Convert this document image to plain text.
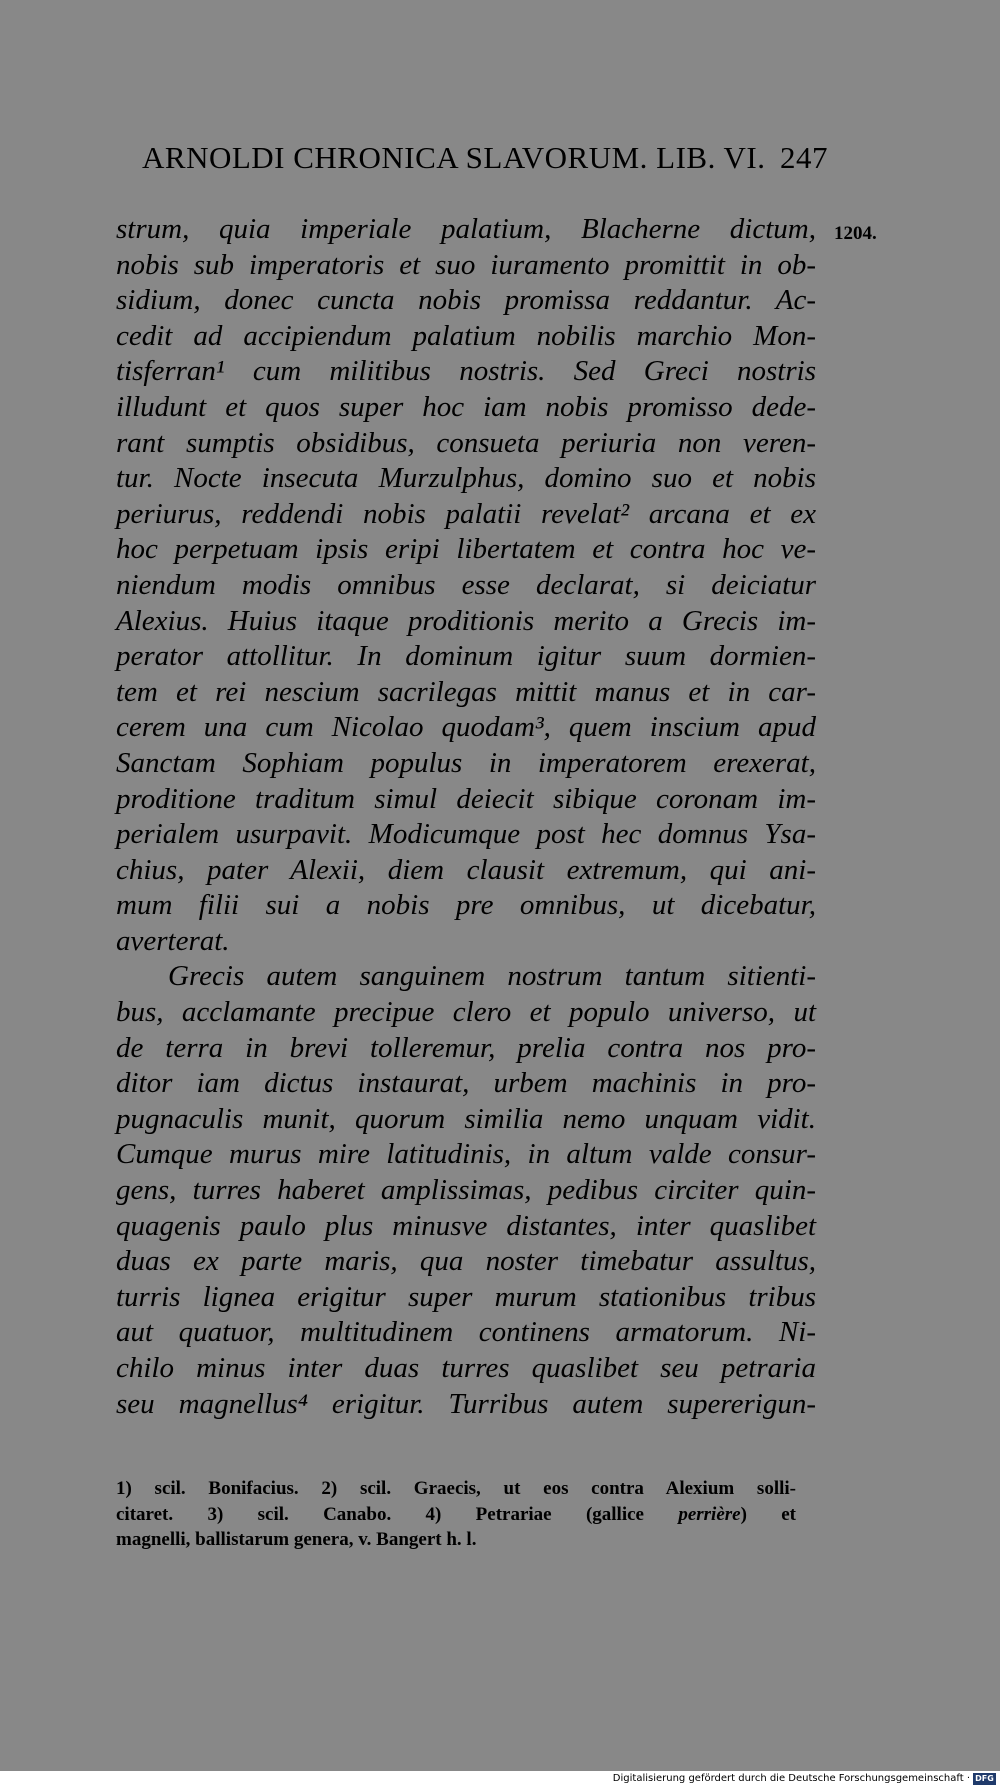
ARNOLDI CHRONICA SLAVORUM. LIB. VI. 247
1204.
strum, quia imperiale palatium, Blacherne dictum,
nobis sub imperatoris et suo iuramento promittit in ob-
sidium, donec cuncta nobis promissa reddantur. Ac-
cedit ad accipiendum palatium nobilis marchio Mon-
tisferran¹ cum militibus nostris. Sed Greci nostris
illudunt et quos super hoc iam nobis promisso dede-
rant sumptis obsidibus, consueta periuria non veren-
tur. Nocte insecuta Murzulphus, domino suo et nobis
periurus, reddendi nobis palatii revelat² arcana et ex
hoc perpetuam ipsis eripi libertatem et contra hoc ve-
niendum modis omnibus esse declarat, si deiciatur
Alexius. Huius itaque proditionis merito a Grecis im-
perator attollitur. In dominum igitur suum dormien-
tem et rei nescium sacrilegas mittit manus et in car-
cerem una cum Nicolao quodam³, quem inscium apud
Sanctam Sophiam populus in imperatorem erexerat,
proditione traditum simul deiecit sibique coronam im-
perialem usurpavit. Modicumque post hec domnus Ysa-
chius, pater Alexii, diem clausit extremum, qui ani-
mum filii sui a nobis pre omnibus, ut dicebatur,
averterat.
Grecis autem sanguinem nostrum tantum sitienti-
bus, acclamante precipue clero et populo universo, ut
de terra in brevi tolleremur, prelia contra nos pro-
ditor iam dictus instaurat, urbem machinis in pro-
pugnaculis munit, quorum similia nemo unquam vidit.
Cumque murus mire latitudinis, in altum valde consur-
gens, turres haberet amplissimas, pedibus circiter quin-
quagenis paulo plus minusve distantes, inter quaslibet
duas ex parte maris, qua noster timebatur assultus,
turris lignea erigitur super murum stationibus tribus
aut quatuor, multitudinem continens armatorum. Ni-
chilo minus inter duas turres quaslibet seu petraria
seu magnellus⁴ erigitur. Turribus autem supererigun-
1) scil. Bonifacius. 2) scil. Graecis, ut eos contra Alexium solli-
citaret. 3) scil. Canabo. 4) Petrariae (gallice perrière) et
magnelli, ballistarum genera, v. Bangert h. l.
Digitalisierung gefördert durch die Deutsche Forschungsgemeinschaft · DFG
